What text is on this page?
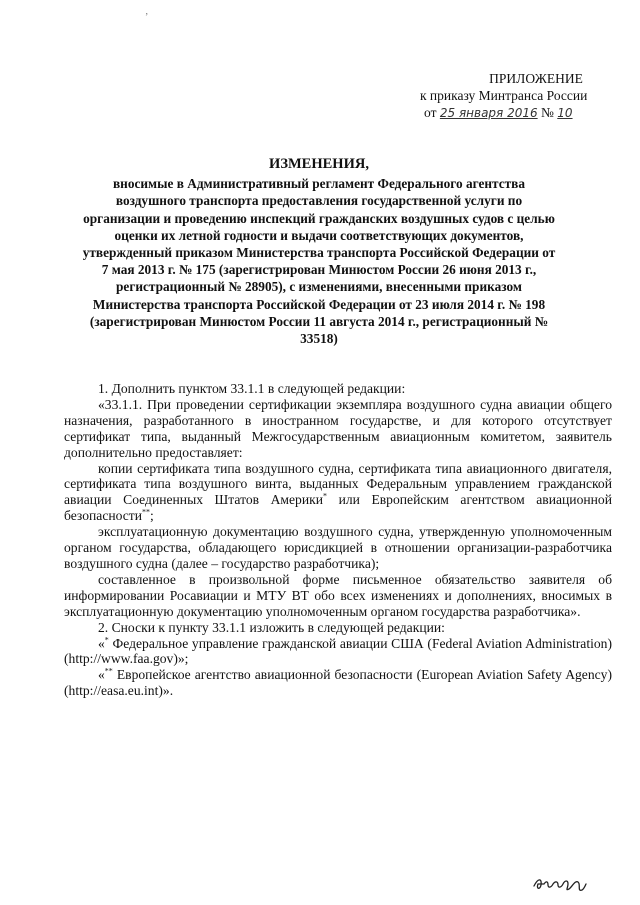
ʼ
ПРИЛОЖЕНИЕ
к приказу Минтранса России
от 25 января 2016 № 10
ИЗМЕНЕНИЯ,
вносимые в Административный регламент Федерального агентства воздушного транспорта предоставления государственной услуги по организации и проведению инспекций гражданских воздушных судов с целью оценки их летной годности и выдачи соответствующих документов, утвержденный приказом Министерства транспорта Российской Федерации от 7 мая 2013 г. № 175 (зарегистрирован Минюстом России 26 июня 2013 г., регистрационный № 28905), с изменениями, внесенными приказом Министерства транспорта Российской Федерации от 23 июля 2014 г. № 198 (зарегистрирован Минюстом России 11 августа 2014 г., регистрационный № 33518)

1. Дополнить пунктом 33.1.1 в следующей редакции:

«33.1.1. При проведении сертификации экземпляра воздушного судна авиации общего назначения, разработанного в иностранном государстве, и для которого отсутствует сертификат типа, выданный Межгосударственным авиационным комитетом, заявитель дополнительно предоставляет:

копии сертификата типа воздушного судна, сертификата типа авиационного двигателя, сертификата типа воздушного винта, выданных Федеральным управлением гражданской авиации Соединенных Штатов Америки* или Европейским агентством авиационной безопасности**;

эксплуатационную документацию воздушного судна, утвержденную уполномоченным органом государства, обладающего юрисдикцией в отношении организации-разработчика воздушного судна (далее – государство разработчика);

составленное в произвольной форме письменное обязательство заявителя об информировании Росавиации и МТУ ВТ обо всех изменениях и дополнениях, вносимых в эксплуатационную документацию уполномоченным органом государства разработчика».

2. Сноски к пункту 33.1.1 изложить в следующей редакции:

«* Федеральное управление гражданской авиации США (Federal Aviation Administration) (http://www.faa.gov)»;

«** Европейское агентство авиационной безопасности (European Aviation Safety Agency) (http://easa.eu.int)».
